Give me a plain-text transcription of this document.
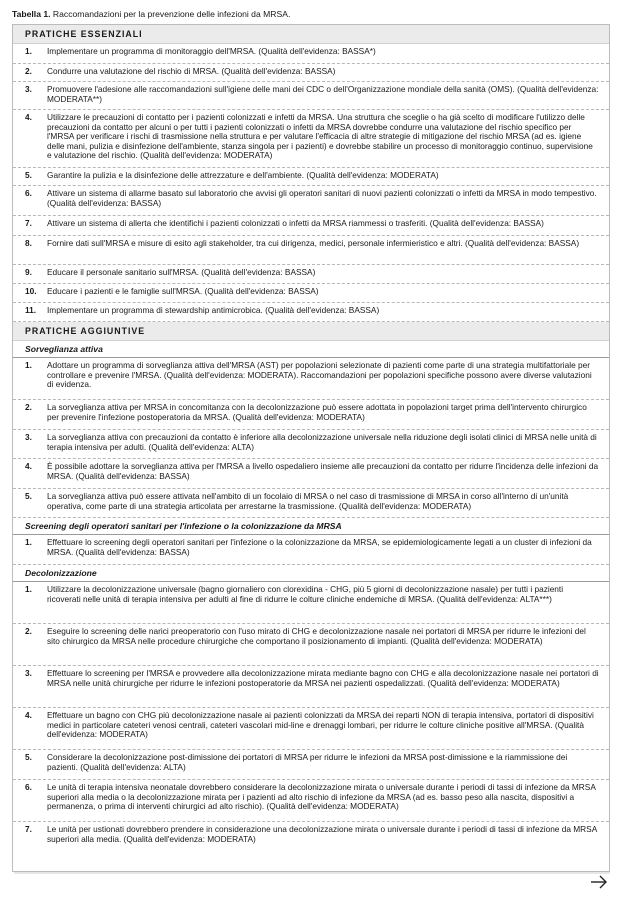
Tabella 1. Raccomandazioni per la prevenzione delle infezioni da MRSA.
PRATICHE ESSENZIALI
1.	Implementare un programma di monitoraggio dell'MRSA. (Qualità dell'evidenza: BASSA*)
2.	Condurre una valutazione del rischio di MRSA. (Qualità dell'evidenza: BASSA)
3.	Promuovere l'adesione alle raccomandazioni sull'igiene delle mani dei CDC o dell'Organizzazione mondiale della sanità (OMS). (Qualità dell'evidenza: MODERATA**)
4.	Utilizzare le precauzioni di contatto per i pazienti colonizzati e infetti da MRSA. Una struttura che sceglie o ha già scelto di modificare l'utilizzo delle precauzioni da contatto per alcuni o per tutti i pazienti colonizzati o infetti da MRSA dovrebbe condurre una valutazione del rischio specifico per l'MRSA per verificare i rischi di trasmissione nella struttura e per valutare l'efficacia di altre strategie di mitigazione del rischio MRSA (ad es. igiene delle mani, pulizia e disinfezione dell'ambiente, stanza singola per i pazienti) e dovrebbe stabilire un processo di monitoraggio continuo, supervisione e valutazione del rischio. (Qualità dell'evidenza: MODERATA)
5.	Garantire la pulizia e la disinfezione delle attrezzature e dell'ambiente. (Qualità dell'evidenza: MODERATA)
6.	Attivare un sistema di allarme basato sul laboratorio che avvisi gli operatori sanitari di nuovi pazienti colonizzati o infetti da MRSA in modo tempestivo. (Qualità dell'evidenza: BASSA)
7.	Attivare un sistema di allerta che identifichi i pazienti colonizzati o infetti da MRSA riammessi o trasferiti. (Qualità dell'evidenza: BASSA)
8.	Fornire dati sull'MRSA e misure di esito agli stakeholder, tra cui dirigenza, medici, personale infermieristico e altri. (Qualità dell'evidenza: BASSA)
9.	Educare il personale sanitario sull'MRSA. (Qualità dell'evidenza: BASSA)
10.	Educare i pazienti e le famiglie sull'MRSA. (Qualità dell'evidenza: BASSA)
11.	Implementare un programma di stewardship antimicrobica. (Qualità dell'evidenza: BASSA)
PRATICHE AGGIUNTIVE
Sorveglianza attiva
1.	Adottare un programma di sorveglianza attiva dell'MRSA (AST) per popolazioni selezionate di pazienti come parte di una strategia multifattoriale per controllare e prevenire l'MRSA. (Qualità dell'evidenza: MODERATA). Raccomandazioni per popolazioni specifiche possono avere diverse valutazioni di evidenza.
2.	La sorveglianza attiva per MRSA in concomitanza con la decolonizzazione può essere adottata in popolazioni target prima dell'intervento chirurgico per prevenire l'infezione postoperatoria da MRSA. (Qualità dell'evidenza: MODERATA)
3.	La sorveglianza attiva con precauzioni da contatto è inferiore alla decolonizzazione universale nella riduzione degli isolati clinici di MRSA nelle unità di terapia intensiva per adulti. (Qualità dell'evidenza: ALTA)
4.	È possibile adottare la sorveglianza attiva per l'MRSA a livello ospedaliero insieme alle precauzioni da contatto per ridurre l'incidenza delle infezioni da MRSA. (Qualità dell'evidenza: BASSA)
5.	La sorveglianza attiva può essere attivata nell'ambito di un focolaio di MRSA o nel caso di trasmissione di MRSA in corso all'interno di un'unità operativa, come parte di una strategia articolata per arrestarne la trasmissione. (Qualità dell'evidenza: MODERATA)
Screening degli operatori sanitari per l'infezione o la colonizzazione da MRSA
1.	Effettuare lo screening degli operatori sanitari per l'infezione o la colonizzazione da MRSA, se epidemiologicamente legati a un cluster di infezioni da MRSA. (Qualità dell'evidenza: BASSA)
Decolonizzazione
1.	Utilizzare la decolonizzazione universale (bagno giornaliero con clorexidina - CHG, più 5 giorni di decolonizzazione nasale) per tutti i pazienti ricoverati nelle unità di terapia intensiva per adulti al fine di ridurre le colture cliniche endemiche di MRSA. (Qualità dell'evidenza: ALTA***)
2.	Eseguire lo screening delle narici preoperatorio con l'uso mirato di CHG e decolonizzazione nasale nei portatori di MRSA per ridurre le infezioni del sito chirurgico da MRSA nelle procedure chirurgiche che comportano il posizionamento di impianti. (Qualità dell'evidenza: MODERATA)
3.	Effettuare lo screening per l'MRSA e provvedere alla decolonizzazione mirata mediante bagno con CHG e alla decolonizzazione nasale nei portatori di MRSA nelle unità chirurgiche per ridurre le infezioni postoperatorie da MRSA nei pazienti ospedalizzati. (Qualità dell'evidenza: MODERATA)
4.	Effettuare un bagno con CHG più decolonizzazione nasale ai pazienti colonizzati da MRSA dei reparti NON di terapia intensiva, portatori di dispositivi medici in particolare cateteri venosi centrali, cateteri vascolari mid-line e drenaggi lombari, per ridurre le colture cliniche positive all'MRSA. (Qualità dell'evidenza: MODERATA)
5.	Considerare la decolonizzazione post-dimissione dei portatori di MRSA per ridurre le infezioni da MRSA post-dimissione e la riammissione dei pazienti. (Qualità dell'evidenza: ALTA)
6.	Le unità di terapia intensiva neonatale dovrebbero considerare la decolonizzazione mirata o universale durante i periodi di tassi di infezione da MRSA superiori alla media o la decolonizzazione mirata per i pazienti ad alto rischio di infezione da MRSA (ad es. basso peso alla nascita, dispositivi a permanenza, o prima di interventi chirurgici ad alto rischio). (Qualità dell'evidenza: MODERATA)
7.	Le unità per ustionati dovrebbero prendere in considerazione una decolonizzazione mirata o universale durante i periodi di tassi di infezione da MRSA superiori alla media. (Qualità dell'evidenza: MODERATA)
